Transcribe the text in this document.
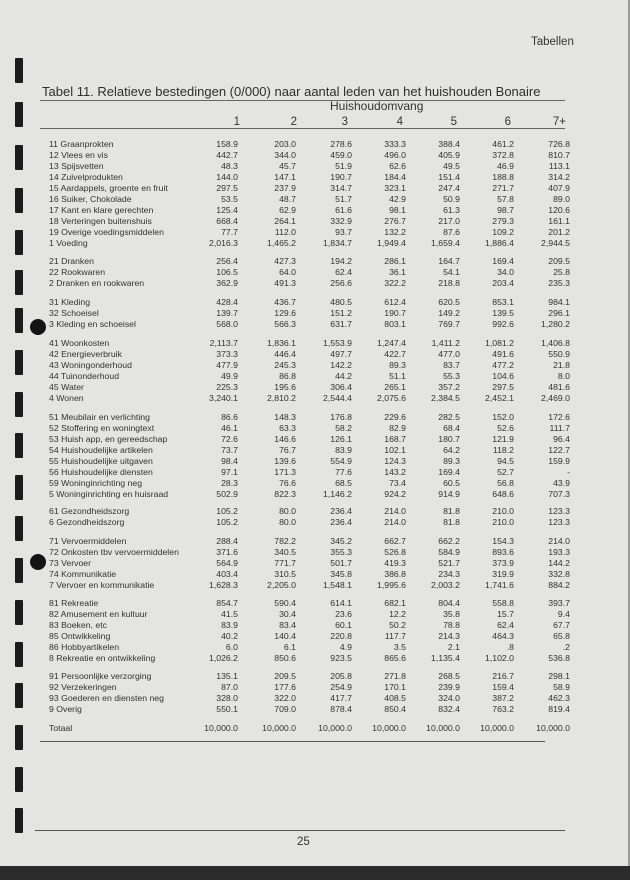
Tabellen
Tabel 11. Relatieve bestedingen (0/000) naar aantal leden van het huishouden Bonaire
Huishoudomvang
1	2	3	4	5	6	7+
11 Graanprokten	158.9	203.0	278.6	333.3	388.4	461.2	726.8
12 Vlees en vis	442.7	344.0	459.0	496.0	405.9	372.8	810.7
13 Spijsvetten	48.3	45.7	51.9	62.6	49.5	46.9	113.1
14 Zuivelprodukten	144.0	147.1	190.7	184.4	151.4	188.8	314.2
15 Aardappels, groente en fruit	297.5	237.9	314.7	323.1	247.4	271.7	407.9
16 Suiker, Chokolade	53.5	48.7	51.7	42.9	50.9	57.8	89.0
17 Kant en klare gerechten	125.4	62.9	61.6	98.1	61.3	98.7	120.6
18 Verteringen buitenshuis	668.4	264.1	332.9	276.7	217.0	279.3	161.1
19 Overige voedingsmiddelen	77.7	112.0	93.7	132.2	87.6	109.2	201.2
1 Voeding	2,016.3	1,465.2	1,834.7	1,949.4	1,659.4	1,886.4	2,944.5
21 Dranken	256.4	427.3	194.2	286.1	164.7	169.4	209.5
22 Rookwaren	106.5	64.0	62.4	36.1	54.1	34.0	25.8
2 Dranken en rookwaren	362.9	491.3	256.6	322.2	218.8	203.4	235.3
31 Kleding	428.4	436.7	480.5	612.4	620.5	853.1	984.1
32 Schoeisel	139.7	129.6	151.2	190.7	149.2	139.5	296.1
3 Kleding en schoeisel	568.0	566.3	631.7	803.1	769.7	992.6	1,280.2
41 Woonkosten	2,113.7	1,836.1	1,553.9	1,247.4	1,411.2	1,081.2	1,406.8
42 Energieverbruik	373.3	446.4	497.7	422.7	477.0	491.6	550.9
43 Woningonderhoud	477.9	245.3	142.2	89.3	83.7	477.2	21.8
44 Tuinonderhoud	49.9	86.8	44.2	51.1	55.3	104.6	8.0
45 Water	225.3	195.6	306.4	265.1	357.2	297.5	481.6
4 Wonen	3,240.1	2,810.2	2,544.4	2,075.6	2,384.5	2,452.1	2,469.0
51 Meubilair en verlichting	86.6	148.3	176.8	229.6	282.5	152.0	172.6
52 Stoffering en woningtext	46.1	63.3	58.2	82.9	68.4	52.6	111.7
53 Huish app, en gereedschap	72.6	146.6	126.1	168.7	180.7	121.9	96.4
54 Huishoudelijke artikelen	73.7	76.7	83.9	102.1	64.2	118.2	122.7
55 Huishoudelijke uitgaven	98.4	139.6	554.9	124.3	89.3	94.5	159.9
56 Huishoudelijke diensten	97.1	171.3	77.6	143.2	169.4	52.7	-
59 Woninginrichting neg	28.3	76.6	68.5	73.4	60.5	56.8	43.9
5 Woninginrichting en huisraad	502.9	822.3	1,146.2	924.2	914.9	648.6	707.3
61 Gezondheidszorg	105.2	80.0	236.4	214.0	81.8	210.0	123.3
6 Gezondheidszorg	105.2	80.0	236.4	214.0	81.8	210.0	123.3
71 Vervoermiddelen	288.4	782.2	345.2	662.7	662.2	154.3	214.0
72 Onkosten tbv vervoermiddelen	371.6	340.5	355.3	526.8	584.9	893.6	193.3
73 Vervoer	564.9	771.7	501.7	419.3	521.7	373.9	144.2
74 Kommunikatie	403.4	310.5	345.8	386.8	234.3	319.9	332.8
7 Vervoer en kommunikatie	1,628.3	2,205.0	1,548.1	1,995.6	2,003.2	1,741.6	884.2
81 Rekreatie	854.7	590.4	614.1	682.1	804.4	558.8	393.7
82 Amusement en kultuur	41.5	30.4	23.6	12.2	35.8	15.7	9.4
83 Boeken, etc	83.9	83.4	60.1	50.2	78.8	62.4	67.7
85 Ontwikkeling	40.2	140.4	220.8	117.7	214.3	464.3	65.8
86 Hobbyartikelen	6.0	6.1	4.9	3.5	2.1	.8	.2
8 Rekreatie en ontwikkeling	1,026.2	850.6	923.5	865.6	1,135.4	1,102.0	536.8
91 Persoonlijke verzorging	135.1	209.5	205.8	271.8	268.5	216.7	298.1
92 Verzekeringen	87.0	177.6	254.9	170.1	239.9	159.4	58.9
93 Goederen en diensten neg	328.0	322.0	417.7	408.5	324.0	387.2	462.3
9 Overig	550.1	709.0	878.4	850.4	832.4	763.2	819.4
Totaal	10,000.0	10,000.0	10,000.0	10,000.0	10,000.0	10,000.0	10,000.0
25
